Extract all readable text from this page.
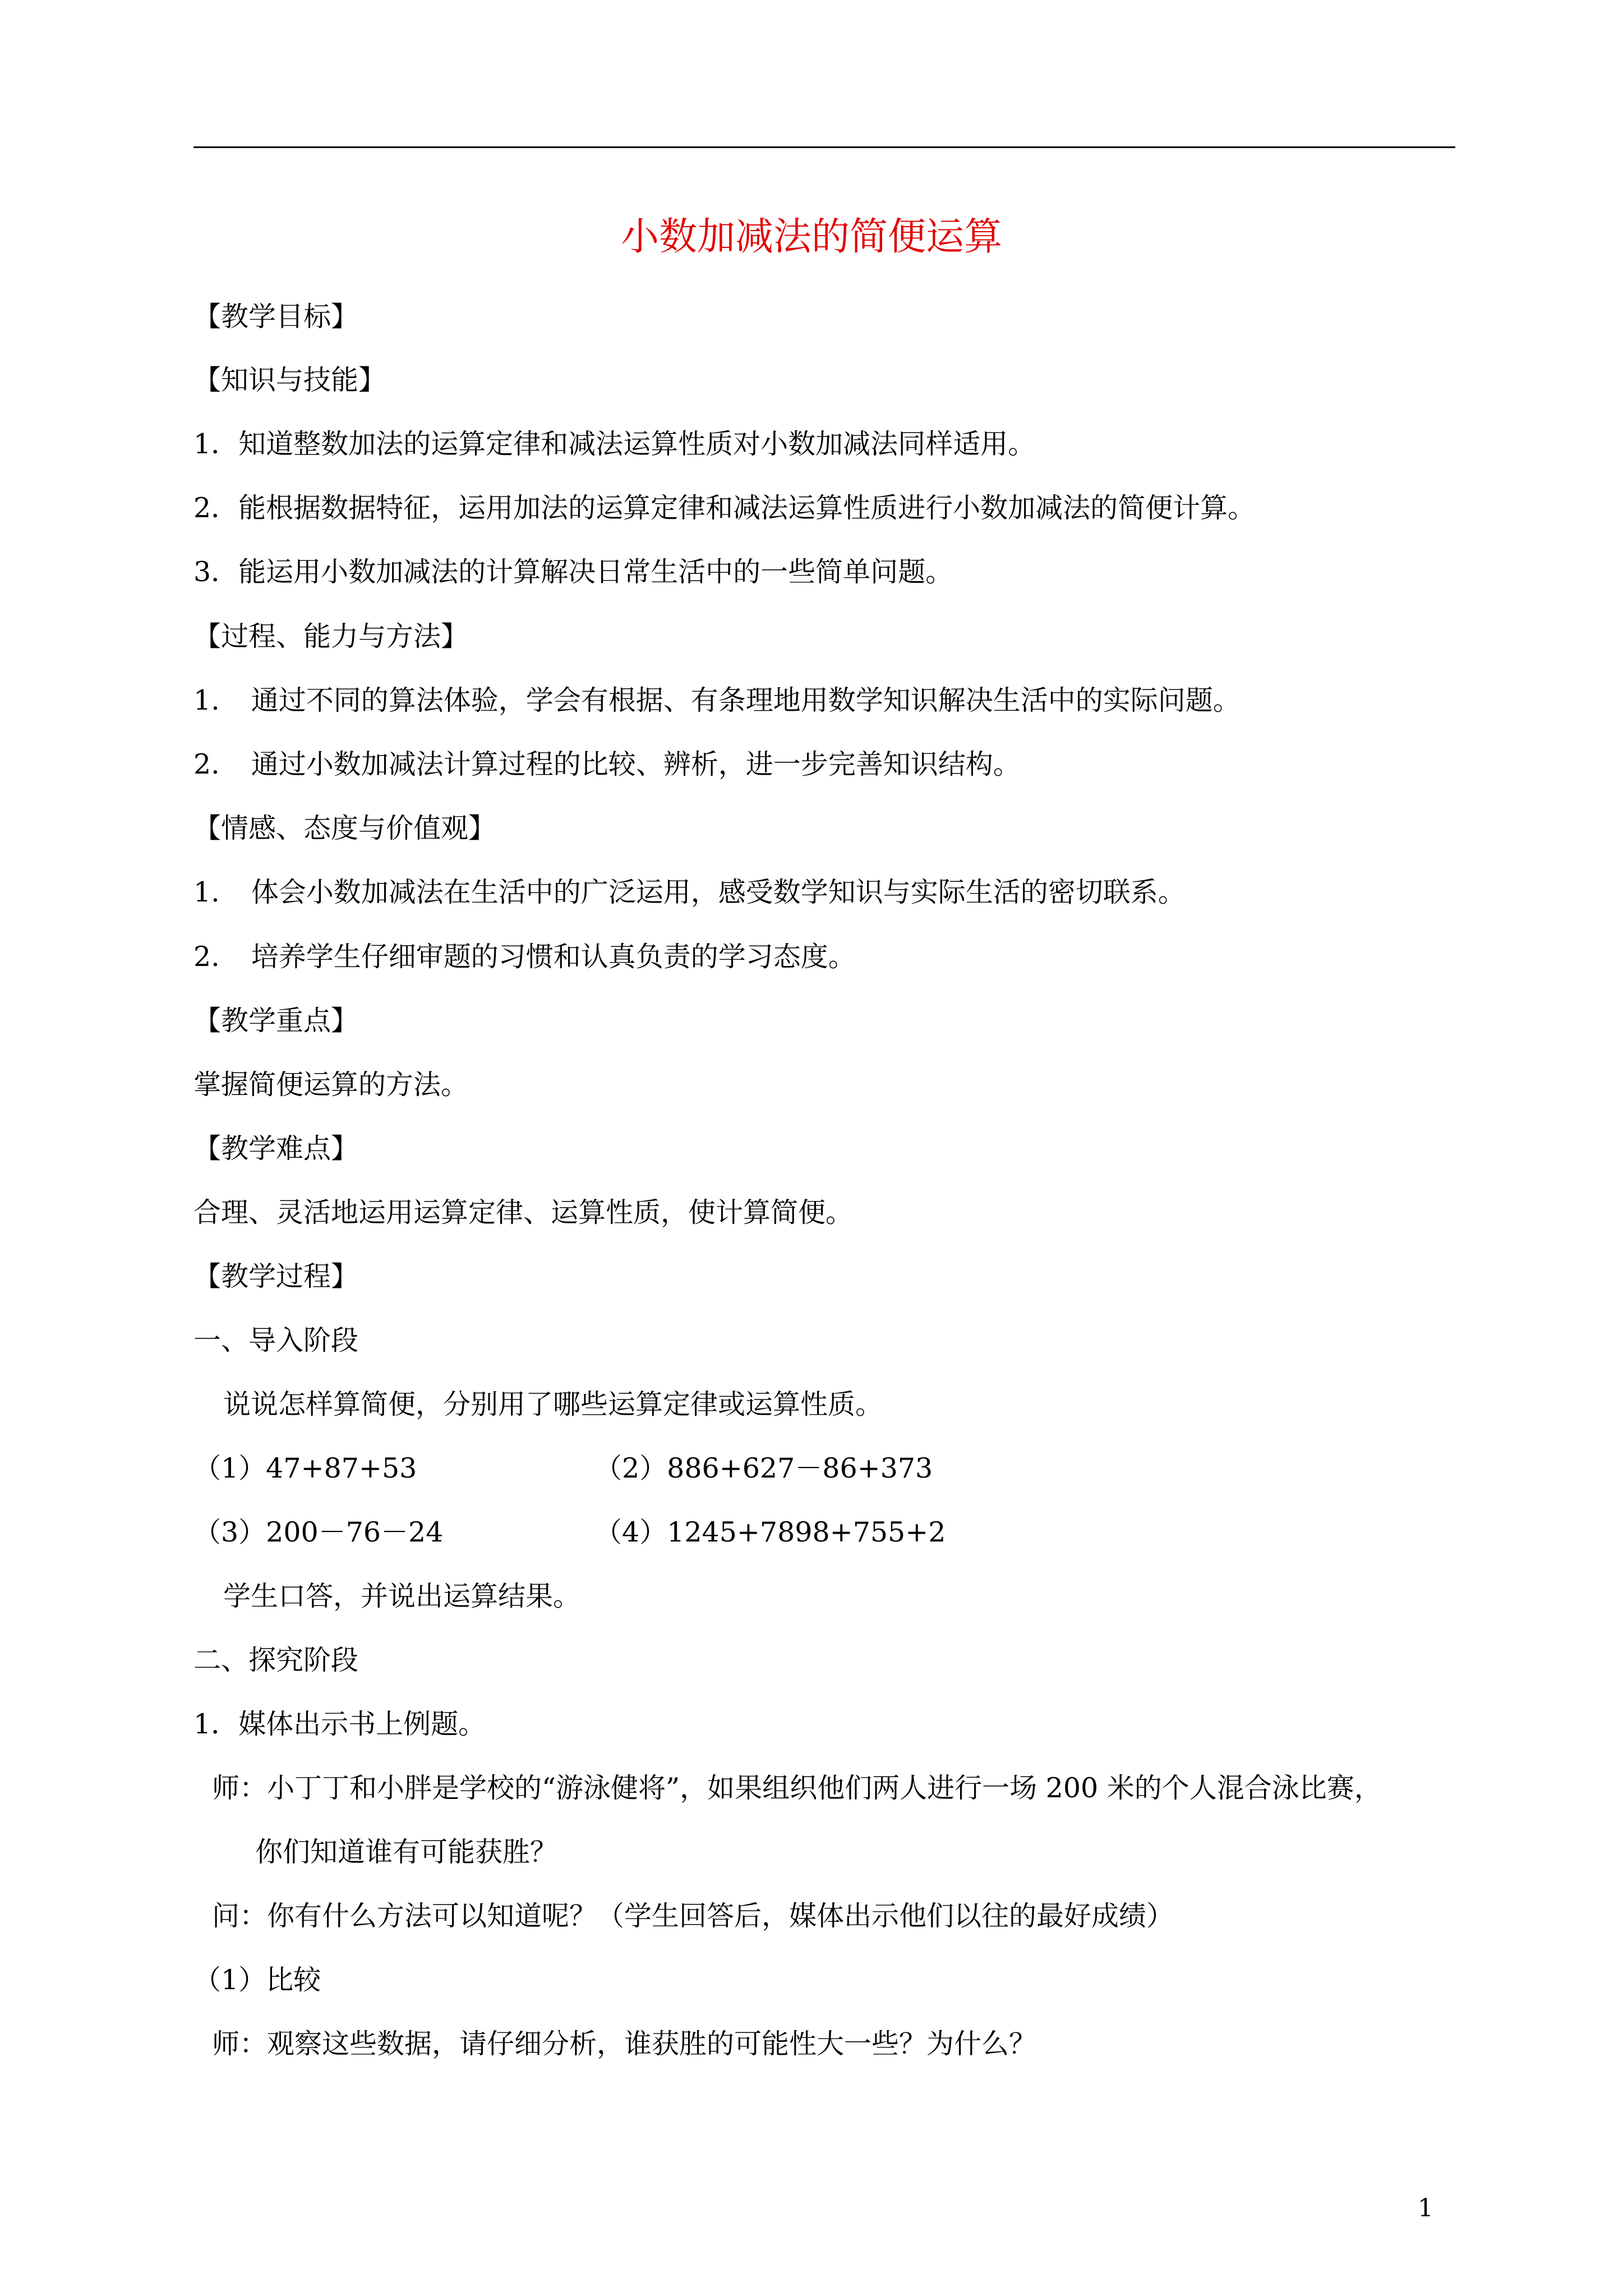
小数加减法的简便运算
【教学目标】
【知识与技能】
1．知道整数加法的运算定律和减法运算性质对小数加减法同样适用。
2．能根据数据特征，运用加法的运算定律和减法运算性质进行小数加减法的简便计算。
3．能运用小数加减法的计算解决日常生活中的一些简单问题。
【过程、能力与方法】
1. 通过不同的算法体验，学会有根据、有条理地用数学知识解决生活中的实际问题。
2. 通过小数加减法计算过程的比较、辨析，进一步完善知识结构。
【情感、态度与价值观】
1. 体会小数加减法在生活中的广泛运用，感受数学知识与实际生活的密切联系。
2. 培养学生仔细审题的习惯和认真负责的学习态度。
【教学重点】
掌握简便运算的方法。
【教学难点】
合理、灵活地运用运算定律、运算性质，使计算简便。
【教学过程】
一、导入阶段
说说怎样算简便，分别用了哪些运算定律或运算性质。
（1）47+87+53	（2）886+627－86+373
（3）200－76－24	（4）1245+7898+755+2
学生口答，并说出运算结果。
二、探究阶段
1．媒体出示书上例题。
师：小丁丁和小胖是学校的“游泳健将”，如果组织他们两人进行一场 200 米的个人混合泳比赛，
你们知道谁有可能获胜？
问：你有什么方法可以知道呢？（学生回答后，媒体出示他们以往的最好成绩）
（1）比较
师：观察这些数据，请仔细分析，谁获胜的可能性大一些？为什么？
1
